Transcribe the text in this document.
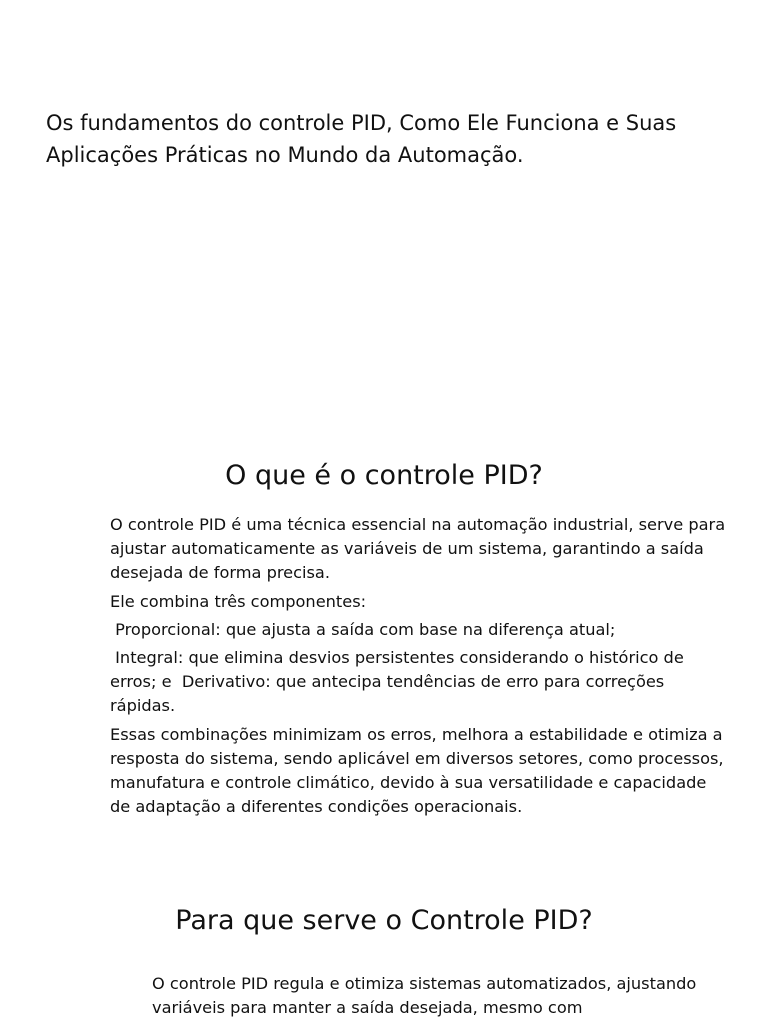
Os fundamentos do controle PID, Como Ele Funciona e Suas
Aplicações Práticas no Mundo da Automação.
O que é o controle PID?

O controle PID é uma técnica essencial na automação industrial, serve para ajustar automaticamente as variáveis de um sistema, garantindo a saída desejada de forma precisa.

Ele combina três componentes:

Proporcional: que ajusta a saída com base na diferença atual;

Integral: que elimina desvios persistentes considerando o histórico de erros; e  Derivativo: que antecipa tendências de erro para correções rápidas.

Essas combinações minimizam os erros, melhora a estabilidade e otimiza a resposta do sistema, sendo aplicável em diversos setores, como processos, manufatura e controle climático, devido à sua versatilidade e capacidade de adaptação a diferentes condições operacionais.

Para que serve o Controle PID?

O controle PID regula e otimiza sistemas automatizados, ajustando variáveis para manter a saída desejada, mesmo com
